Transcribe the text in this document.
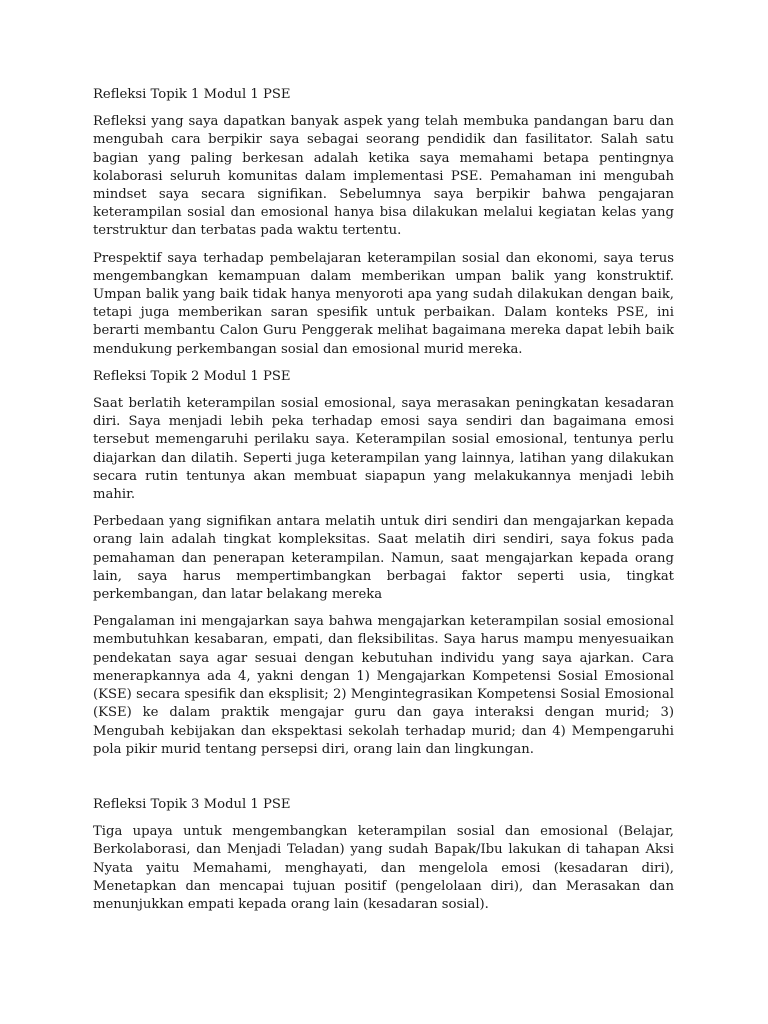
Refleksi Topik 1 Modul 1 PSE

Refleksi yang saya dapatkan banyak aspek yang telah membuka pandangan baru dan mengubah cara berpikir saya sebagai seorang pendidik dan fasilitator. Salah satu bagian yang paling berkesan adalah ketika saya memahami betapa pentingnya kolaborasi seluruh komunitas dalam implementasi PSE. Pemahaman ini mengubah mindset saya secara signifikan. Sebelumnya saya berpikir bahwa pengajaran keterampilan sosial dan emosional hanya bisa dilakukan melalui kegiatan kelas yang terstruktur dan terbatas pada waktu tertentu.

Prespektif saya terhadap pembelajaran keterampilan sosial dan ekonomi, saya terus mengembangkan kemampuan dalam memberikan umpan balik yang konstruktif. Umpan balik yang baik tidak hanya menyoroti apa yang sudah dilakukan dengan baik, tetapi juga memberikan saran spesifik untuk perbaikan. Dalam konteks PSE, ini berarti membantu Calon Guru Penggerak melihat bagaimana mereka dapat lebih baik mendukung perkembangan sosial dan emosional murid mereka.

Refleksi Topik 2 Modul 1 PSE

Saat berlatih keterampilan sosial emosional, saya merasakan peningkatan kesadaran diri. Saya menjadi lebih peka terhadap emosi saya sendiri dan bagaimana emosi tersebut memengaruhi perilaku saya. Keterampilan sosial emosional, tentunya perlu diajarkan dan dilatih. Seperti juga keterampilan yang lainnya, latihan yang dilakukan secara rutin tentunya akan membuat siapapun yang melakukannya menjadi lebih mahir.

Perbedaan yang signifikan antara melatih untuk diri sendiri dan mengajarkan kepada orang lain adalah tingkat kompleksitas. Saat melatih diri sendiri, saya fokus pada pemahaman dan penerapan keterampilan. Namun, saat mengajarkan kepada orang lain, saya harus mempertimbangkan berbagai faktor seperti usia, tingkat perkembangan, dan latar belakang mereka

Pengalaman ini mengajarkan saya bahwa mengajarkan keterampilan sosial emosional membutuhkan kesabaran, empati, dan fleksibilitas. Saya harus mampu menyesuaikan pendekatan saya agar sesuai dengan kebutuhan individu yang saya ajarkan. Cara menerapkannya ada 4, yakni dengan 1) Mengajarkan Kompetensi Sosial Emosional (KSE) secara spesifik dan eksplisit; 2) Mengintegrasikan Kompetensi Sosial Emosional (KSE) ke dalam praktik mengajar guru dan gaya interaksi dengan murid; 3) Mengubah kebijakan dan ekspektasi sekolah terhadap murid; dan 4) Mempengaruhi pola pikir murid tentang persepsi diri, orang lain dan lingkungan.

Refleksi Topik 3 Modul 1 PSE

Tiga upaya untuk mengembangkan keterampilan sosial dan emosional (Belajar, Berkolaborasi, dan Menjadi Teladan) yang sudah Bapak/Ibu lakukan di tahapan Aksi Nyata yaitu Memahami, menghayati, dan mengelola emosi (kesadaran diri), Menetapkan dan mencapai tujuan positif (pengelolaan diri), dan Merasakan dan menunjukkan empati kepada orang lain (kesadaran sosial).
